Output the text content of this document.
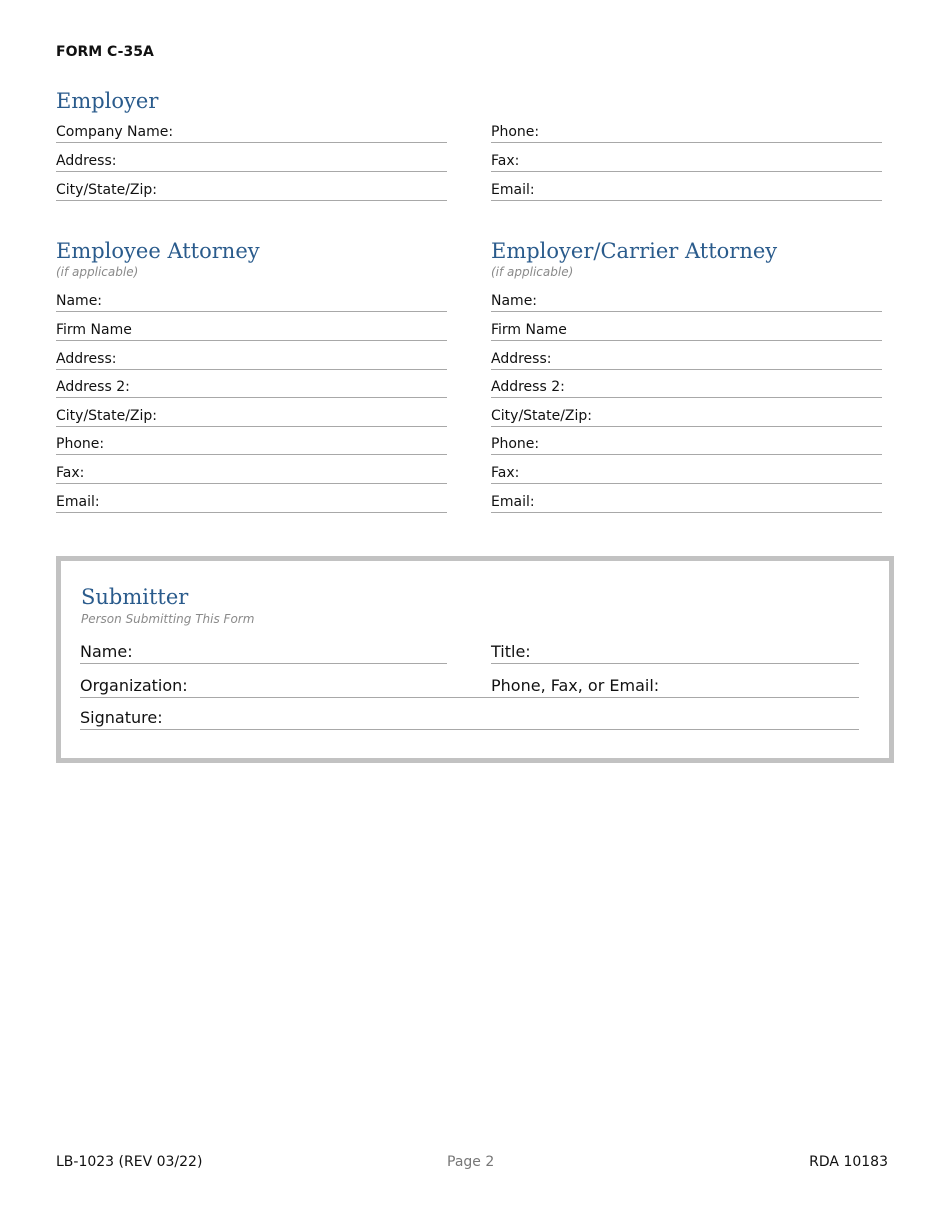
FORM C-35A
Employer
Company Name:
Address:
City/State/Zip:
Phone:
Fax:
Email:
Employee Attorney
(if applicable)
Name:
Firm Name
Address:
Address 2:
City/State/Zip:
Phone:
Fax:
Email:
Employer/Carrier Attorney
(if applicable)
Name:
Firm Name
Address:
Address 2:
City/State/Zip:
Phone:
Fax:
Email:
Submitter
Person Submitting This Form
Name:	Title:
Organization:	Phone, Fax, or Email:
Signature:
LB-1023 (REV 03/22)	Page 2	RDA 10183
